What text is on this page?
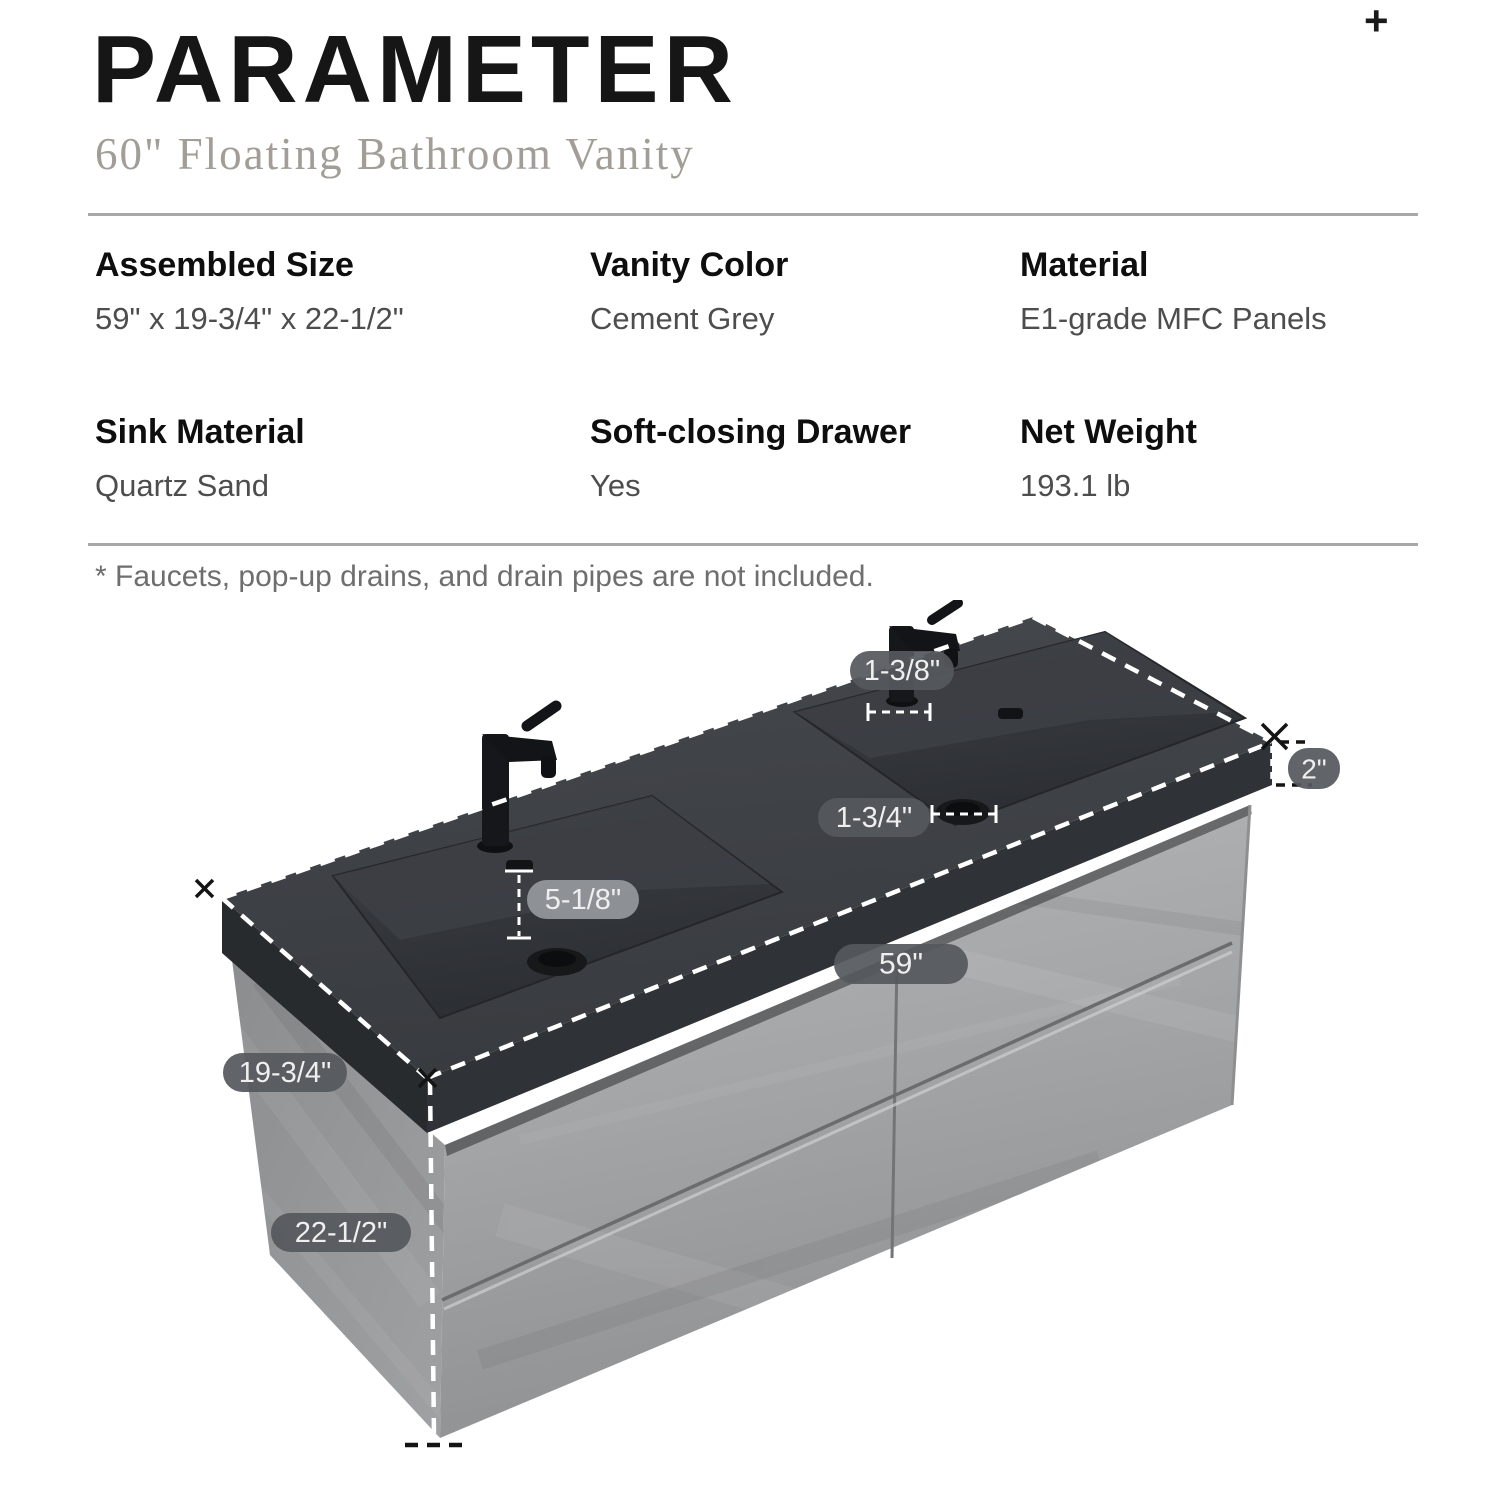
+
PARAMETER
60" Floating Bathroom Vanity
Assembled Size

59" x 19-3/4" x 22-1/2"

Vanity Color

Cement Grey

Material

E1-grade MFC Panels

Sink Material

Quartz Sand

Soft-closing Drawer

Yes

Net Weight

193.1 lb

* Faucets, pop-up drains, and drain pipes are not included.

1-3/8"
2"
1-3/4"
5-1/8"
59"
19-3/4"
22-1/2"
